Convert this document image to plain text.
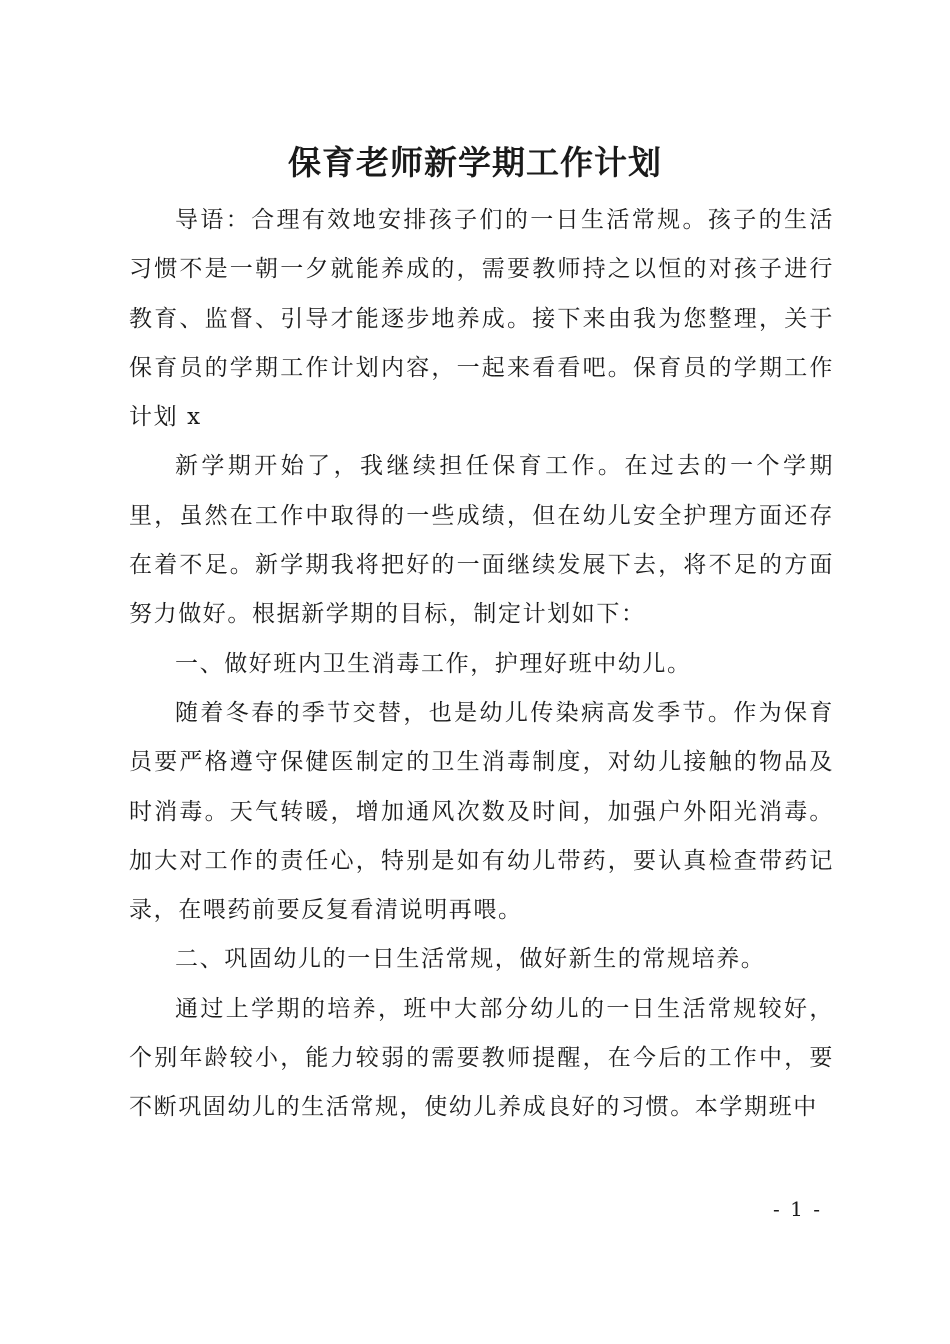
保育老师新学期工作计划

导语：合理有效地安排孩子们的一日生活常规。孩子的生活习惯不是一朝一夕就能养成的，需要教师持之以恒的对孩子进行教育、监督、引导才能逐步地养成。接下来由我为您整理，关于保育员的学期工作计划内容，一起来看看吧。保育员的学期工作计划 x

新学期开始了，我继续担任保育工作。在过去的一个学期里，虽然在工作中取得的一些成绩，但在幼儿安全护理方面还存在着不足。新学期我将把好的一面继续发展下去，将不足的方面努力做好。根据新学期的目标，制定计划如下：

一、做好班内卫生消毒工作，护理好班中幼儿。

随着冬春的季节交替，也是幼儿传染病高发季节。作为保育员要严格遵守保健医制定的卫生消毒制度，对幼儿接触的物品及时消毒。天气转暖，增加通风次数及时间，加强户外阳光消毒。加大对工作的责任心，特别是如有幼儿带药，要认真检查带药记录，在喂药前要反复看清说明再喂。

二、巩固幼儿的一日生活常规，做好新生的常规培养。

通过上学期的培养，班中大部分幼儿的一日生活常规较好，个别年龄较小，能力较弱的需要教师提醒，在今后的工作中，要不断巩固幼儿的生活常规，使幼儿养成良好的习惯。本学期班中

- 1 -
